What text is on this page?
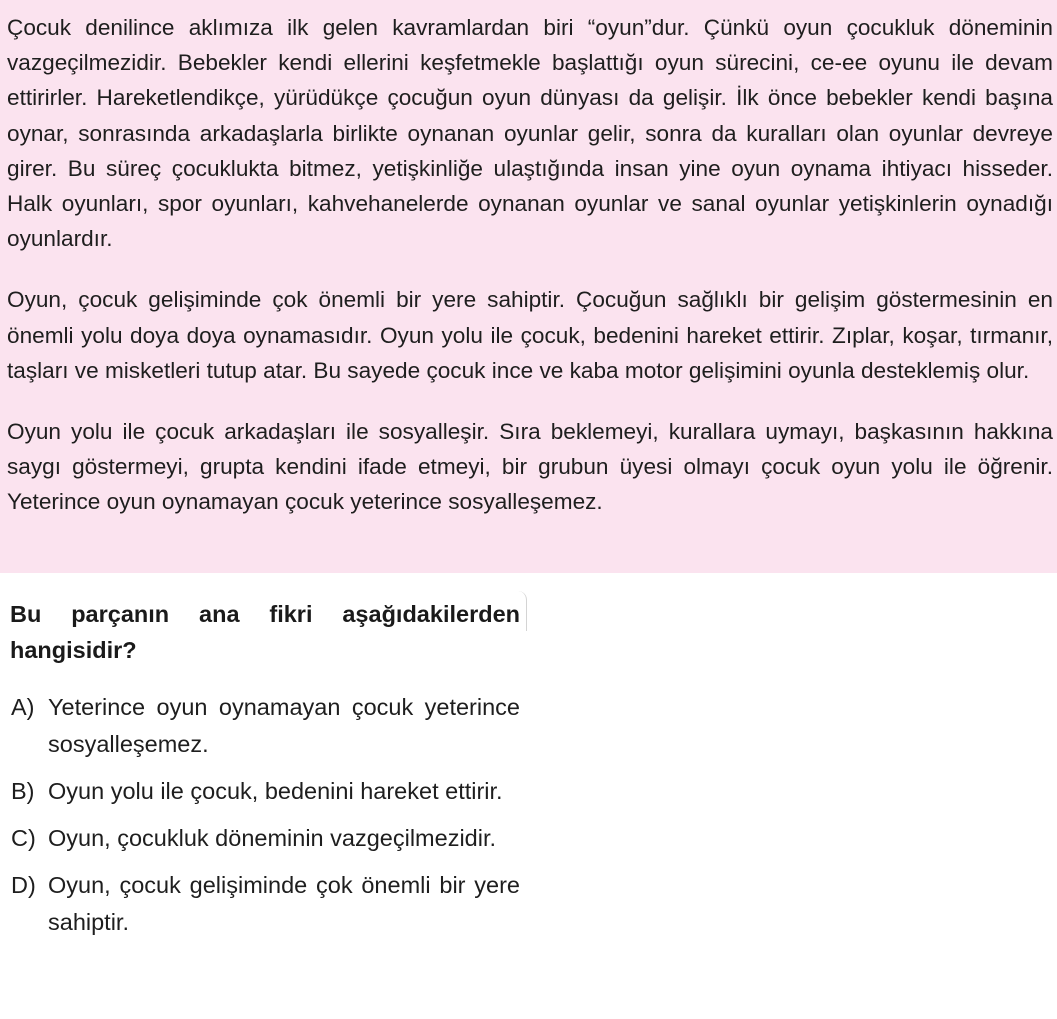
Çocuk denilince aklımıza ilk gelen kavramlardan biri “oyun”dur. Çünkü oyun çocukluk döneminin vazgeçilmezidir. Bebekler kendi ellerini keşfetmekle başlattığı oyun sürecini, ce-ee oyunu ile devam ettirirler. Hareketlendikçe, yürüdükçe çocuğun oyun dünyası da gelişir. İlk önce bebekler kendi başına oynar, sonrasında arkadaşlarla birlikte oynanan oyunlar gelir, sonra da kuralları olan oyunlar devreye girer. Bu süreç çocuklukta bitmez, yetişkinliğe ulaştığında insan yine oyun oynama ihtiyacı hisseder. Halk oyunları, spor oyunları, kahvehanelerde oynanan oyunlar ve sanal oyunlar yetişkinlerin oynadığı oyunlardır.

Oyun, çocuk gelişiminde çok önemli bir yere sahiptir. Çocuğun sağlıklı bir gelişim göstermesinin en önemli yolu doya doya oynamasıdır. Oyun yolu ile çocuk, bedenini hareket ettirir. Zıplar, koşar, tırmanır, taşları ve misketleri tutup atar. Bu sayede çocuk ince ve kaba motor gelişimini oyunla desteklemiş olur.

Oyun yolu ile çocuk arkadaşları ile sosyalleşir. Sıra beklemeyi, kurallara uymayı, başkasının hakkına saygı göstermeyi, grupta kendini ifade etmeyi, bir grubun üyesi olmayı çocuk oyun yolu ile öğrenir. Yeterince oyun oynamayan çocuk yeterince sosyalleşemez.

Bu parçanın ana fikri aşağıdakilerden hangisidir?

A) Yeterince oyun oynamayan çocuk yeterince sosyalleşemez.
B) Oyun yolu ile çocuk, bedenini hareket ettirir.
C) Oyun, çocukluk döneminin vazgeçilmezidir.
D) Oyun, çocuk gelişiminde çok önemli bir yere sahiptir.
